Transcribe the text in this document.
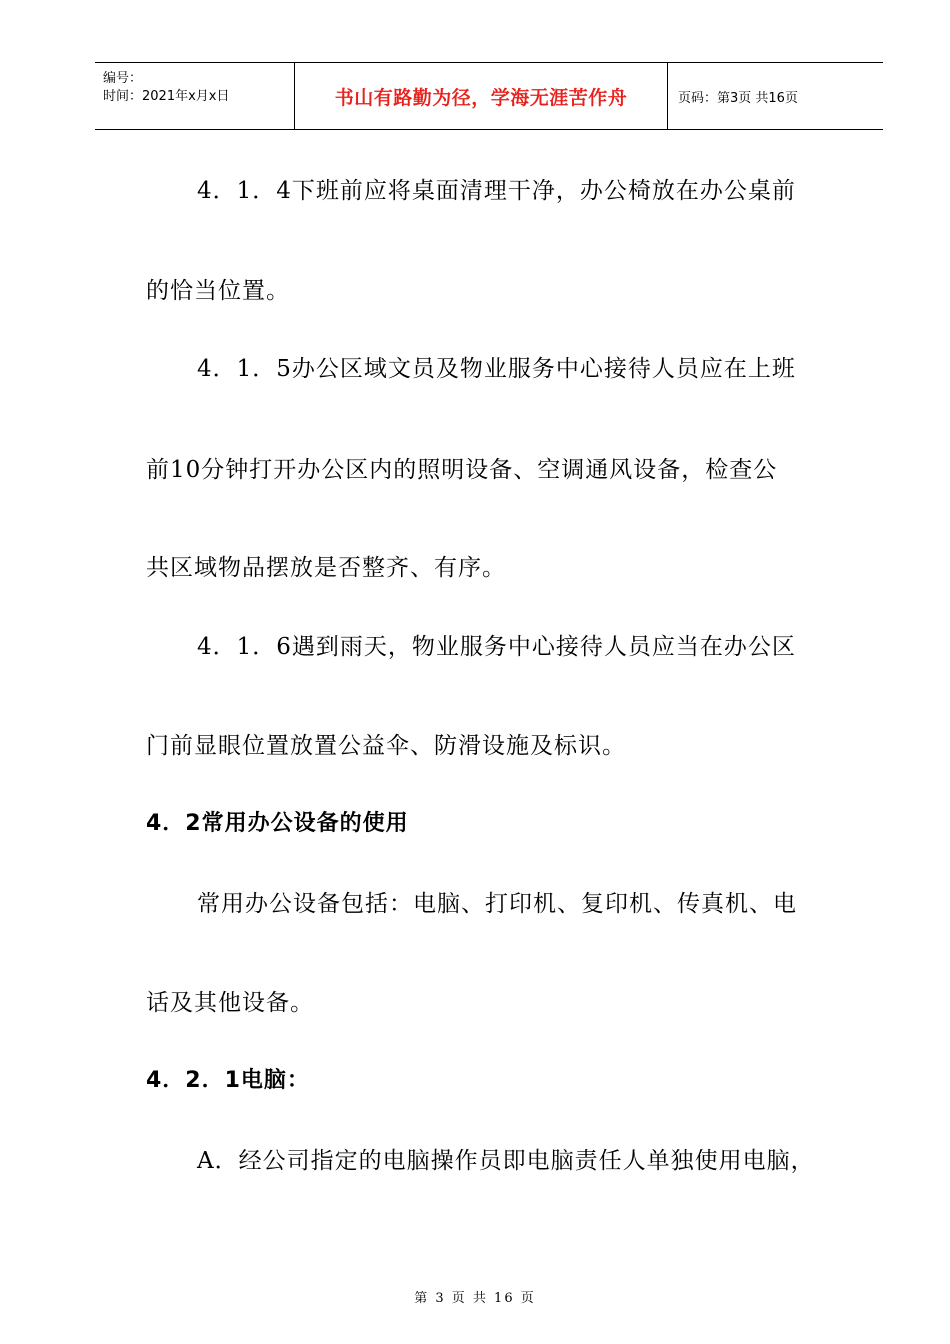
编号：
时间：2021年x月x日	书山有路勤为径，学海无涯苦作舟	页码：第3页 共16页
4．1．4下班前应将桌面清理干净，办公椅放在办公桌前
的恰当位置。
4．1．5办公区域文员及物业服务中心接待人员应在上班
前10分钟打开办公区内的照明设备、空调通风设备，检查公
共区域物品摆放是否整齐、有序。
4．1．6遇到雨天，物业服务中心接待人员应当在办公区
门前显眼位置放置公益伞、防滑设施及标识。
4．2常用办公设备的使用
常用办公设备包括：电脑、打印机、复印机、传真机、电
话及其他设备。
4．2．1电脑：
A．经公司指定的电脑操作员即电脑责任人单独使用电脑，
第 3 页 共 16 页
